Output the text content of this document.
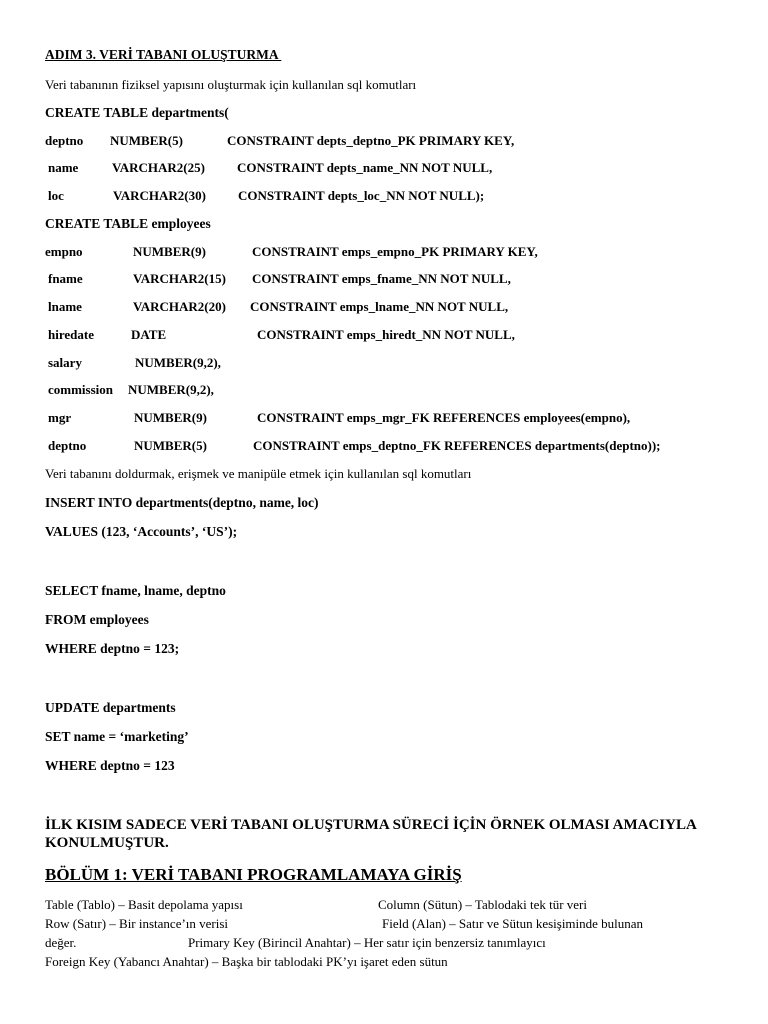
ADIM 3. VERİ TABANI OLUŞTURMA
Veri tabanının fiziksel yapısını oluşturmak için kullanılan sql komutları
CREATE TABLE departments(
deptno NUMBER(5)	CONSTRAINT depts_deptno_PK PRIMARY KEY,
name	VARCHAR2(25) CONSTRAINT depts_name_NN NOT NULL,
loc	VARCHAR2(30) CONSTRAINT depts_loc_NN NOT NULL);
CREATE TABLE employees
empno	NUMBER(9)	CONSTRAINT emps_empno_PK PRIMARY KEY,
fname	VARCHAR2(15) CONSTRAINT emps_fname_NN NOT NULL,
lname	VARCHAR2(20) CONSTRAINT emps_lname_NN NOT NULL,
hiredate	DATE	CONSTRAINT emps_hiredt_NN NOT NULL,
salary	NUMBER(9,2),
commission NUMBER(9,2),
mgr	NUMBER(9)	CONSTRAINT emps_mgr_FK REFERENCES employees(empno),
deptno	NUMBER(5)	CONSTRAINT emps_deptno_FK REFERENCES departments(deptno));
Veri tabanını doldurmak, erişmek ve manipüle etmek için kullanılan sql komutları
INSERT INTO departments(deptno, name, loc)
VALUES (123, ‘Accounts’, ‘US’);
SELECT fname, lname, deptno
FROM employees
WHERE deptno = 123;
UPDATE departments
SET name = ‘marketing’
WHERE deptno = 123
İLK KISIM SADECE VERİ TABANI OLUŞTURMA SÜRECİ İÇİN ÖRNEK OLMASI AMACIYLA
KONULMUŞTUR.
BÖLÜM 1: VERİ TABANI PROGRAMLAMAYA GİRİŞ
Table (Tablo) – Basit depolama yapısı	Column (Sütun) – Tablodaki tek tür veri
Row (Satır) – Bir instance’ın verisi	Field (Alan) – Satır ve Sütun kesişiminde bulunan
değer.	Primary Key (Birincil Anahtar) – Her satır için benzersiz tanımlayıcı
Foreign Key (Yabancı Anahtar) – Başka bir tablodaki PK’yı işaret eden sütun
